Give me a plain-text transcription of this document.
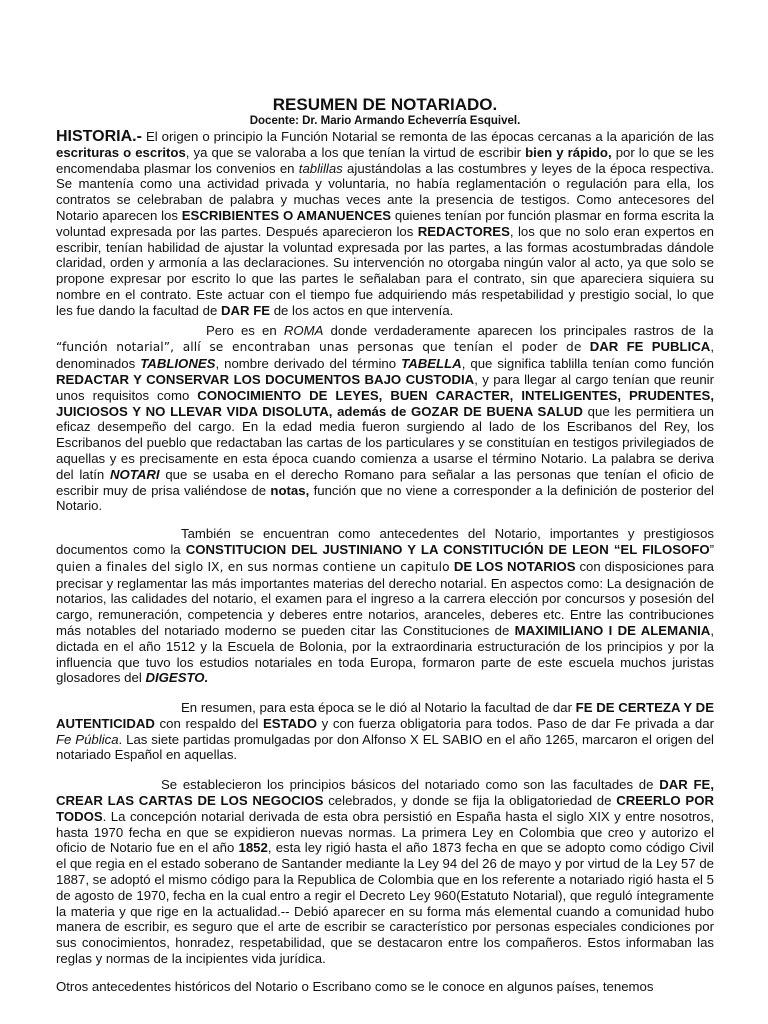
RESUMEN DE NOTARIADO.
Docente: Dr. Mario Armando Echeverría Esquivel.

HISTORIA.- El origen o principio la Función Notarial se remonta de las épocas cercanas a la aparición de las escrituras o escritos, ya que se valoraba a los que tenían la virtud de escribir bien y rápido, por lo que se les encomendaba plasmar los convenios en tablillas ajustándolas a las costumbres y leyes de la época respectiva. Se mantenía como una actividad privada y voluntaria, no había reglamentación o regulación para ella, los contratos se celebraban de palabra y muchas veces ante la presencia de testigos. Como antecesores del Notario aparecen los ESCRIBIENTES O AMANUENCES quienes tenían por función plasmar en forma escrita la voluntad expresada por las partes. Después aparecieron los REDACTORES, los que no solo eran expertos en escribir, tenían habilidad de ajustar la voluntad expresada por las partes, a las formas acostumbradas dándole claridad, orden y armonía a las declaraciones. Su intervención no otorgaba ningún valor al acto, ya que solo se propone expresar por escrito lo que las partes le señalaban para el contrato, sin que apareciera siquiera su nombre en el contrato. Este actuar con el tiempo fue adquiriendo más respetabilidad y prestigio social, lo que les fue dando la facultad de DAR FE de los actos en que intervenía.

Pero es en ROMA donde verdaderamente aparecen los principales rastros de la “función notarial”, allí se encontraban unas personas que tenían el poder de DAR FE PUBLICA, denominados TABLIONES, nombre derivado del término TABELLA, que significa tablilla tenían como función REDACTAR Y CONSERVAR LOS DOCUMENTOS BAJO CUSTODIA, y para llegar al cargo tenían que reunir unos requisitos como CONOCIMIENTO DE LEYES, BUEN CARACTER, INTELIGENTES, PRUDENTES, JUICIOSOS Y NO LLEVAR VIDA DISOLUTA, además de GOZAR DE BUENA SALUD que les permitiera un eficaz desempeño del cargo. En la edad media fueron surgiendo al lado de los Escribanos del Rey, los Escribanos del pueblo que redactaban las cartas de los particulares y se constituían en testigos privilegiados de aquellas y es precisamente en esta época cuando comienza a usarse el término Notario. La palabra se deriva del latín NOTARI que se usaba en el derecho Romano para señalar a las personas que tenían el oficio de escribir muy de prisa valiéndose de notas, función que no viene a corresponder a la definición de posterior del Notario.

También se encuentran como antecedentes del Notario, importantes y prestigiosos documentos como la CONSTITUCION DEL JUSTINIANO Y LA CONSTITUCIÓN DE LEON “EL FILOSOFO” quien a finales del siglo IX, en sus normas contiene un capitulo DE LOS NOTARIOS con disposiciones para precisar y reglamentar las más importantes materias del derecho notarial. En aspectos como: La designación de notarios, las calidades del notario, el examen para el ingreso a la carrera elección por concursos y posesión del cargo, remuneración, competencia y deberes entre notarios, aranceles, deberes etc. Entre las contribuciones más notables del notariado moderno se pueden citar las Constituciones de MAXIMILIANO I DE ALEMANIA, dictada en el año 1512 y la Escuela de Bolonia, por la extraordinaria estructuración de los principios y por la influencia que tuvo los estudios notariales en toda Europa, formaron parte de este escuela muchos juristas glosadores del DIGESTO.

En resumen, para esta época se le dió al Notario la facultad de dar FE DE CERTEZA Y DE AUTENTICIDAD con respaldo del ESTADO y con fuerza obligatoria para todos. Paso de dar Fe privada a dar Fe Pública. Las siete partidas promulgadas por don Alfonso X EL SABIO en el año 1265, marcaron el origen del notariado Español en aquellas.

Se establecieron los principios básicos del notariado como son las facultades de DAR FE, CREAR LAS CARTAS DE LOS NEGOCIOS celebrados, y donde se fija la obligatoriedad de CREERLO POR TODOS. La concepción notarial derivada de esta obra persistió en España hasta el siglo XIX y entre nosotros, hasta 1970 fecha en que se expidieron nuevas normas. La primera Ley en Colombia que creo y autorizo el oficio de Notario fue en el año 1852, esta ley rigió hasta el año 1873 fecha en que se adopto como código Civil el que regia en el estado soberano de Santander mediante la Ley 94 del 26 de mayo y por virtud de la Ley 57 de 1887, se adoptó el mismo código para la Republica de Colombia que en los referente a notariado rigió hasta el 5 de agosto de 1970, fecha en la cual entro a regir el Decreto Ley 960(Estatuto Notarial), que reguló íntegramente la materia y que rige en la actualidad.-- Debió aparecer en su forma más elemental cuando a comunidad hubo manera de escribir, es seguro que el arte de escribir se característico por personas especiales condiciones por sus conocimientos, honradez, respetabilidad, que se destacaron entre los compañeros. Estos informaban las reglas y normas de la incipientes vida jurídica.

Otros antecedentes históricos del Notario o Escribano como se le conoce en algunos países, tenemos
